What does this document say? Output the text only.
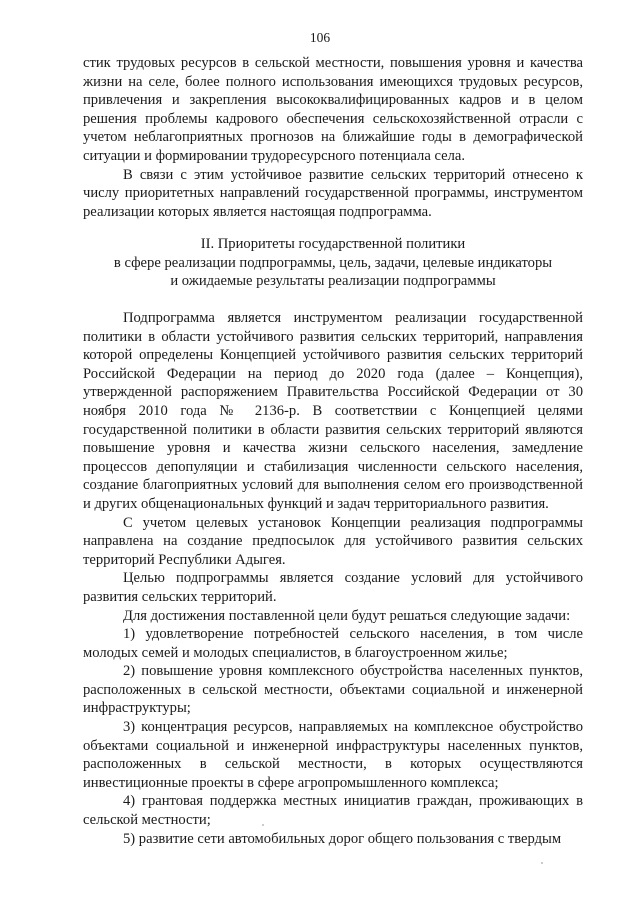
106

стик трудовых ресурсов в сельской местности, повышения уровня и качества жизни на селе, более полного использования имеющихся трудовых ресурсов, привлечения и закрепления высококвалифицированных кадров и в целом решения проблемы кадрового обеспечения сельскохозяйственной отрасли с учетом неблагоприятных прогнозов на ближайшие годы в демографической ситуации и формировании трудоресурсного потенциала села.

В связи с этим устойчивое развитие сельских территорий отнесено к числу приоритетных направлений государственной программы, инструментом реализации которых является настоящая подпрограмма.

II. Приоритеты государственной политики
в сфере реализации подпрограммы, цель, задачи, целевые индикаторы
и ожидаемые результаты реализации подпрограммы

Подпрограмма является инструментом реализации государственной политики в области устойчивого развития сельских территорий, направления которой определены Концепцией устойчивого развития сельских территорий Российской Федерации на период до 2020 года (далее – Концепция), утвержденной распоряжением Правительства Российской Федерации от 30 ноября 2010 года № 2136-р. В соответствии с Концепцией целями государственной политики в области развития сельских территорий являются повышение уровня и качества жизни сельского населения, замедление процессов депопуляции и стабилизация численности сельского населения, создание благоприятных условий для выполнения селом его производственной и других общенациональных функций и задач территориального развития.

С учетом целевых установок Концепции реализация подпрограммы направлена на создание предпосылок для устойчивого развития сельских территорий Республики Адыгея.

Целью подпрограммы является создание условий для устойчивого развития сельских территорий.

Для достижения поставленной цели будут решаться следующие задачи:

1) удовлетворение потребностей сельского населения, в том числе молодых семей и молодых специалистов, в благоустроенном жилье;

2) повышение уровня комплексного обустройства населенных пунктов, расположенных в сельской местности, объектами социальной и инженерной инфраструктуры;

3) концентрация ресурсов, направляемых на комплексное обустройство объектами социальной и инженерной инфраструктуры населенных пунктов, расположенных в сельской местности, в которых осуществляются инвестиционные проекты в сфере агропромышленного комплекса;

4) грантовая поддержка местных инициатив граждан, проживающих в сельской местности;

5) развитие сети автомобильных дорог общего пользования с твердым
